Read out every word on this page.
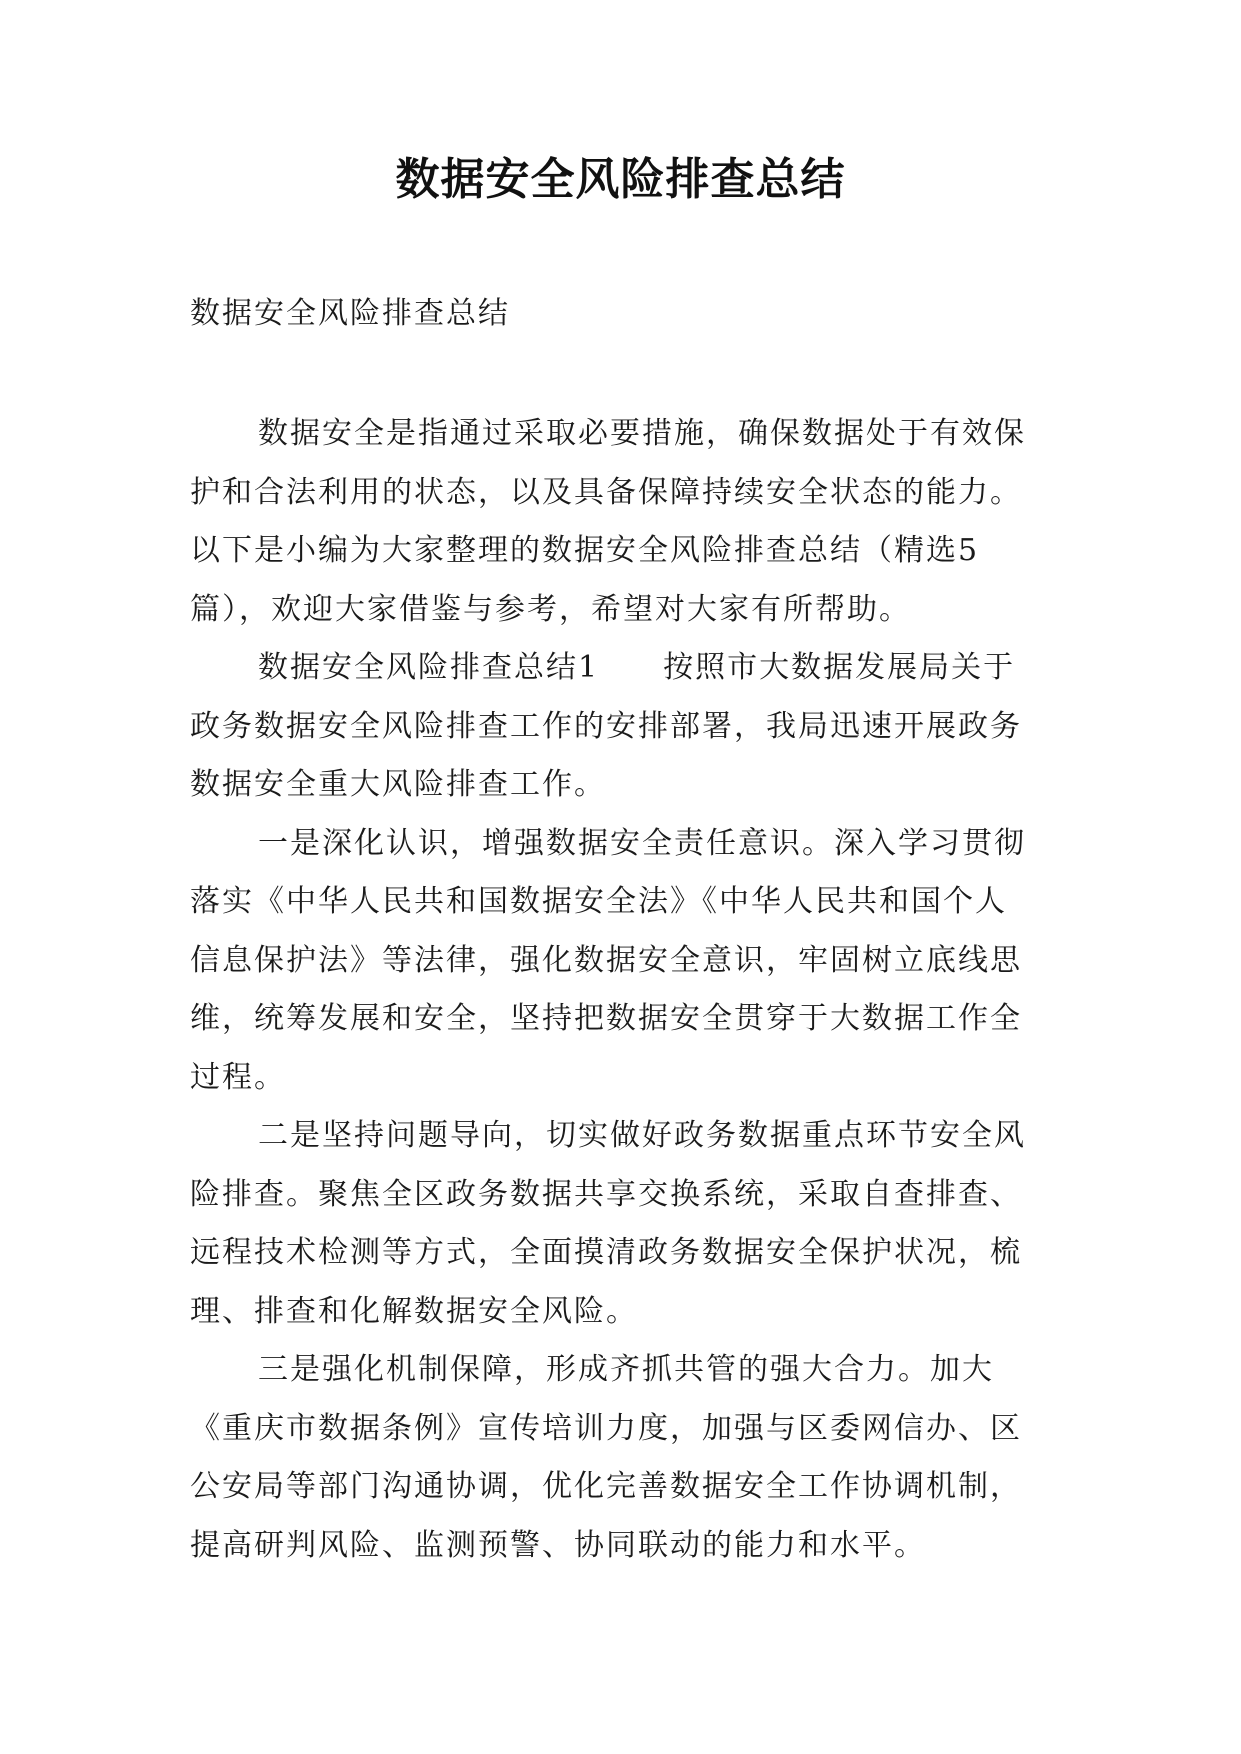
数据安全风险排查总结

数据安全风险排查总结

数据安全是指通过采取必要措施，确保数据处于有效保
护和合法利用的状态，以及具备保障持续安全状态的能力。
以下是小编为大家整理的数据安全风险排查总结（精选5
篇），欢迎大家借鉴与参考，希望对大家有所帮助。
数据安全风险排查总结1　　按照市大数据发展局关于
政务数据安全风险排查工作的安排部署，我局迅速开展政务
数据安全重大风险排查工作。
一是深化认识，增强数据安全责任意识。深入学习贯彻
落实《中华人民共和国数据安全法》《中华人民共和国个人
信息保护法》等法律，强化数据安全意识，牢固树立底线思
维，统筹发展和安全，坚持把数据安全贯穿于大数据工作全
过程。
二是坚持问题导向，切实做好政务数据重点环节安全风
险排查。聚焦全区政务数据共享交换系统，采取自查排查、
远程技术检测等方式，全面摸清政务数据安全保护状况，梳
理、排查和化解数据安全风险。
三是强化机制保障，形成齐抓共管的强大合力。加大
《重庆市数据条例》宣传培训力度，加强与区委网信办、区
公安局等部门沟通协调，优化完善数据安全工作协调机制，
提高研判风险、监测预警、协同联动的能力和水平。
